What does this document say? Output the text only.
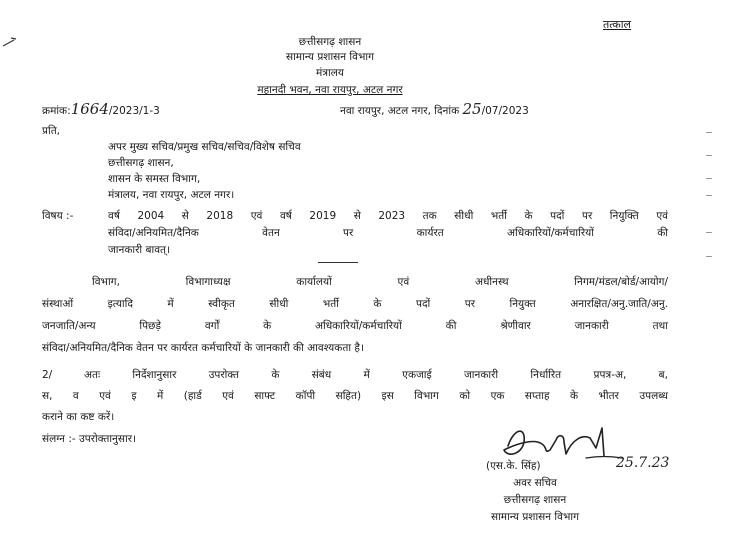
तत्काल
छत्तीसगढ़ शासन
सामान्य प्रशासन विभाग
मंत्रालय
महानदी भवन, नवा रायपुर, अटल नगर
क्रमांक:1664/2023/1-3	नवा रायपुर, अटल नगर, दिनांक 25/07/2023
प्रति,
अपर मुख्य सचिव/प्रमुख सचिव/सचिव/विशेष सचिव
छत्तीसगढ़ शासन,
शासन के समस्त विभाग,
मंत्रालय, नवा रायपुर, अटल नगर।
विषय :-	वर्ष 2004 से 2018 एवं वर्ष 2019 से 2023 तक सीधी भर्ती के पदों पर नियुक्ति एवं
संविदा/अनियमित/दैनिक वेतन पर कार्यरत अधिकारियों/कर्मचारियों की
जानकारी बावत्।
विभाग, विभागाध्यक्ष कार्यालयों एवं अधीनस्थ निगम/मंडल/बोर्ड/आयोग/
संस्थाओं इत्यादि में स्वीकृत सीधी भर्ती के पदों पर नियुक्त अनारक्षित/अनु.जाति/अनु.
जनजाति/अन्य पिछड़े वर्गों के अधिकारियों/कर्मचारियों की श्रेणीवार जानकारी तथा
संविदा/अनियमित/दैनिक वेतन पर कार्यरत कर्मचारियों के जानकारी की आवश्यकता है।
2/	अतः निर्देशानुसार उपरोक्त के संबंध में एकजाई जानकारी निर्धारित प्रपत्र-अ, ब,
स, व एवं इ में (हार्ड एवं साफ्ट कॉपी सहित) इस विभाग को एक सप्ताह के भीतर उपलब्ध
कराने का कष्ट करें।
संलग्न :- उपरोक्तानुसार।
(एस.के. सिंह)	25.7.23
अवर सचिव
छत्तीसगढ़ शासन
सामान्य प्रशासन विभाग
